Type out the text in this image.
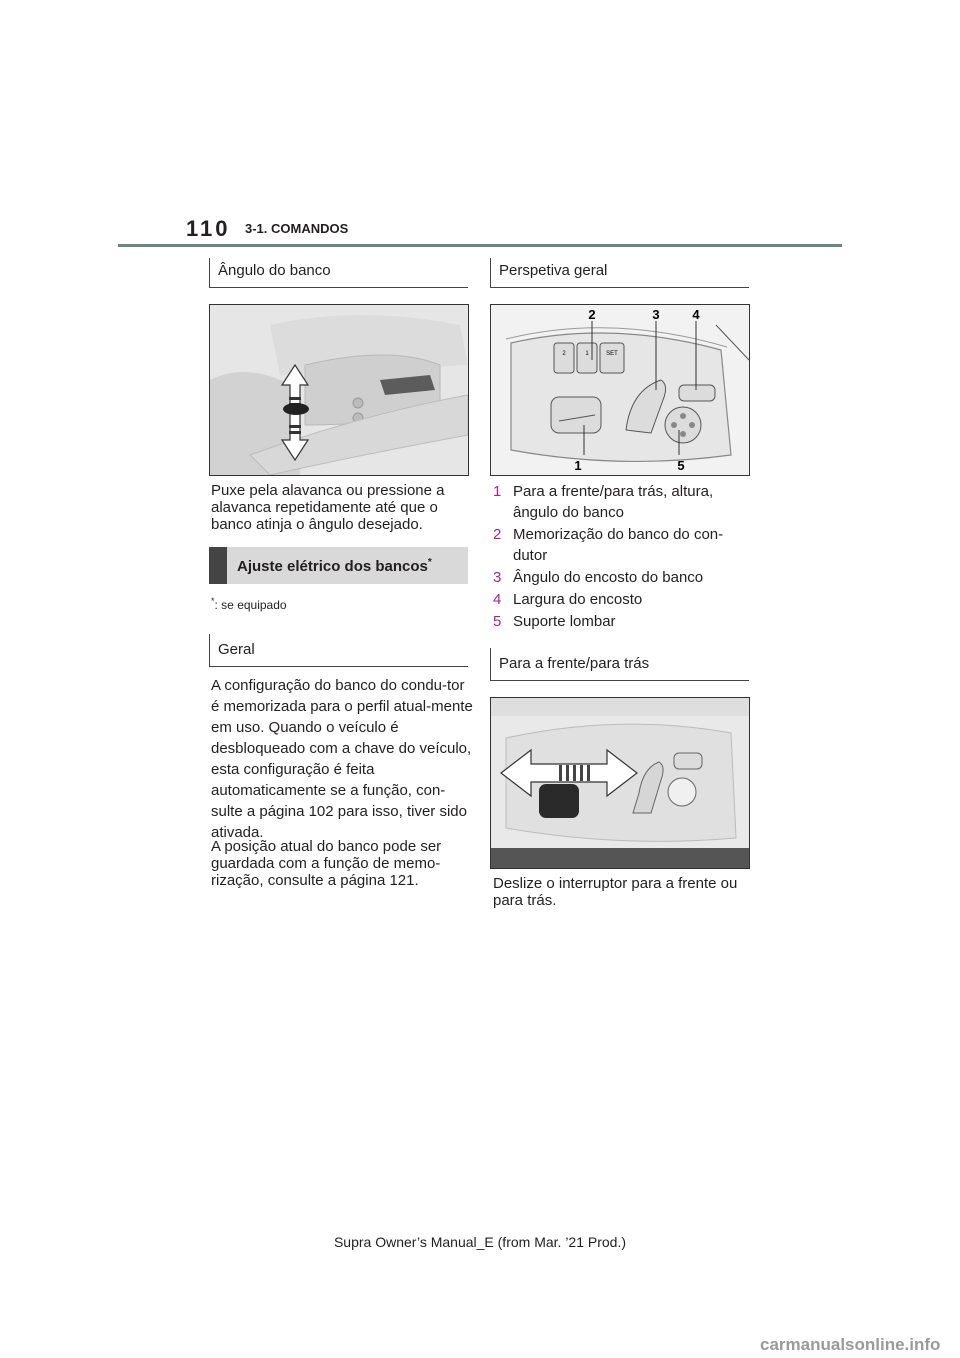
110 3-1. COMANDOS
Ângulo do banco
Puxe pela alavanca ou pressione a alavanca repetidamente até que o banco atinja o ângulo desejado.
Ajuste elétrico dos bancos*
*: se equipado
Geral
A configuração do banco do condu-tor é memorizada para o perfil atual-mente em uso. Quando o veículo é desbloqueado com a chave do veículo, esta configuração é feita automaticamente se a função, con-sulte a página 102 para isso, tiver sido ativada.
A posição atual do banco pode ser guardada com a função de memo-rização, consulte a página 121.
Perspetiva geral
2	1	SET
2	3	4
1	5
1 Para a frente/para trás, altura, ângulo do banco
2 Memorização do banco do con-dutor
3 Ângulo do encosto do banco
4 Largura do encosto
5 Suporte lombar
Para a frente/para trás
Deslize o interruptor para a frente ou para trás.
Supra Owner’s Manual_E (from Mar. ’21 Prod.)
carmanualsonline.info
